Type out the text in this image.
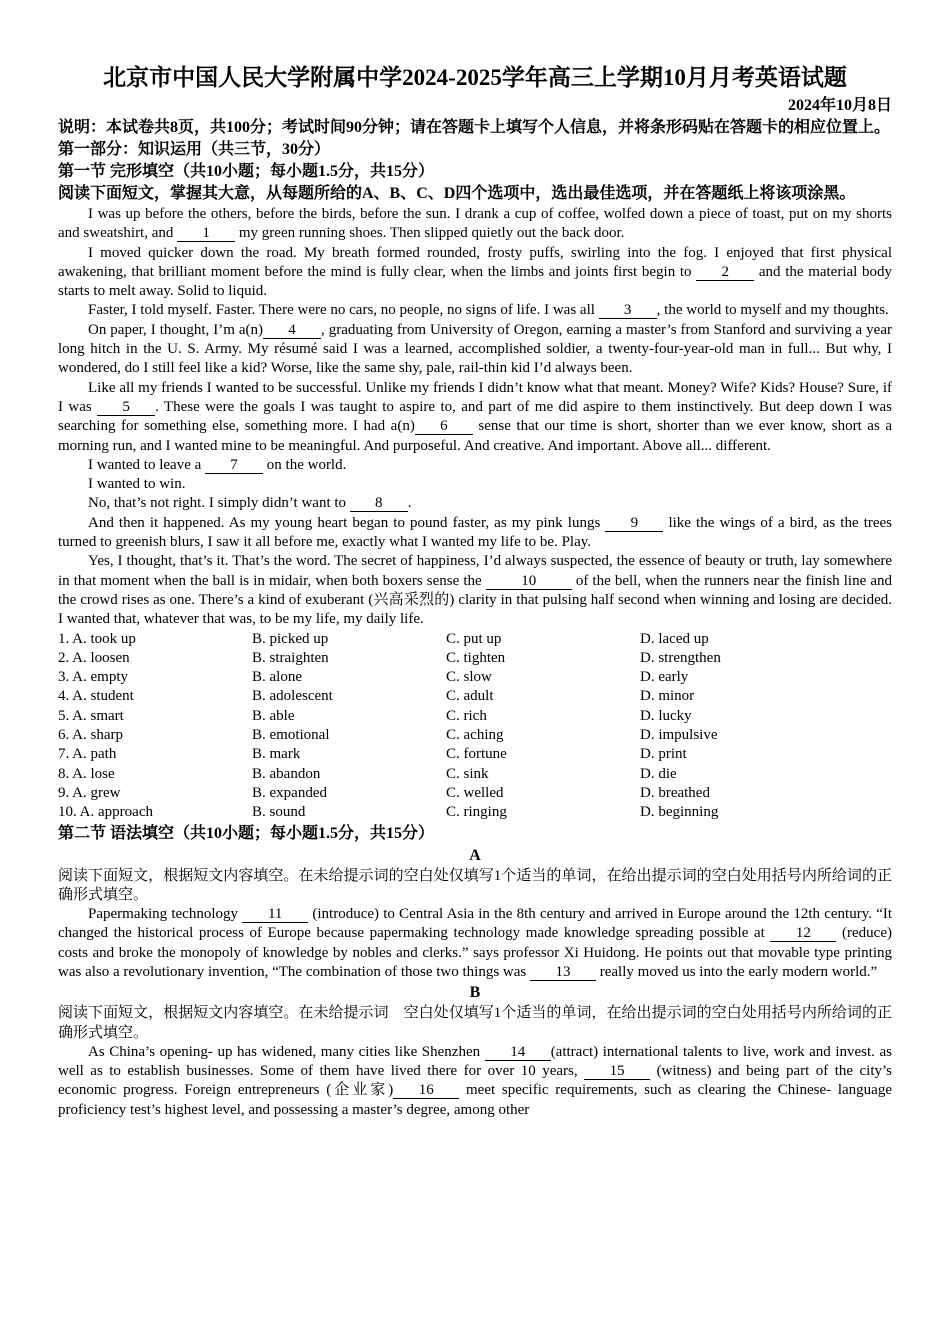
北京市中国人民大学附属中学2024-2025学年高三上学期10月月考英语试题
2024年10月8日
说明：本试卷共8页，共100分；考试时间90分钟；请在答题卡上填写个人信息，并将条形码贴在答题卡的相应位置上。
第一部分：知识运用（共三节，30分）
第一节 完形填空（共10小题；每小题1.5分，共15分）
阅读下面短文，掌握其大意，从每题所给的A、B、C、D四个选项中，选出最佳选项，并在答题纸上将该项涂黑。

I was up before the others, before the birds, before the sun. I drank a cup of coffee, wolfed down a piece of toast, put on my shorts and sweatshirt, and 1 my green running shoes. Then slipped quietly out the back door.

I moved quicker down the road. My breath formed rounded, frosty puffs, swirling into the fog. I enjoyed that first physical awakening, that brilliant moment before the mind is fully clear, when the limbs and joints first begin to 2 and the material body starts to melt away. Solid to liquid.

Faster, I told myself. Faster. There were no cars, no people, no signs of life. I was all 3 , the world to myself and my thoughts.

On paper, I thought, I’m a(n) 4 , graduating from University of Oregon, earning a master’s from Stanford and surviving a year long hitch in the U. S. Army. My résumé said I was a learned, accomplished soldier, a twenty-four-year-old man in full... But why, I wondered, do I still feel like a kid? Worse, like the same shy, pale, rail-thin kid I’d always been.

Like all my friends I wanted to be successful. Unlike my friends I didn’t know what that meant. Money? Wife? Kids? House? Sure, if I was 5 . These were the goals I was taught to aspire to, and part of me did aspire to them instinctively. But deep down I was searching for something else, something more. I had a(n) 6 sense that our time is short, shorter than we ever know, short as a morning run, and I wanted mine to be meaningful. And purposeful. And creative. And important. Above all... different.

I wanted to leave a 7 on the world.

I wanted to win.

No, that’s not right. I simply didn’t want to 8 .

And then it happened. As my young heart began to pound faster, as my pink lungs 9 like the wings of a bird, as the trees turned to greenish blurs, I saw it all before me, exactly what I wanted my life to be. Play.

Yes, I thought, that’s it. That’s the word. The secret of happiness, I’d always suspected, the essence of beauty or truth, lay somewhere in that moment when the ball is in midair, when both boxers sense the 10 of the bell, when the runners near the finish line and the crowd rises as one. There’s a kind of exuberant (兴高采烈的) clarity in that pulsing half second when winning and losing are decided. I wanted that, whatever that was, to be my life, my daily life.

1. A. took up	B. picked up	C. put up	D. laced up
2. A. loosen	B. straighten	C. tighten	D. strengthen
3. A. empty	B. alone	C. slow	D. early
4. A. student	B. adolescent	C. adult	D. minor
5. A. smart	B. able	C. rich	D. lucky
6. A. sharp	B. emotional	C. aching	D. impulsive
7. A. path	B. mark	C. fortune	D. print
8. A. lose	B. abandon	C. sink	D. die
9. A. grew	B. expanded	C. welled	D. breathed
10. A. approach	B. sound	C. ringing	D. beginning
第二节 语法填空（共10小题；每小题1.5分，共15分）
A

阅读下面短文，根据短文内容填空。在未给提示词的空白处仅填写1个适当的单词，在给出提示词的空白处用括号内所给词的正确形式填空。

Papermaking technology 11 (introduce) to Central Asia in the 8th century and arrived in Europe around the 12th century. “It changed the historical process of Europe because papermaking technology made knowledge spreading possible at 12 (reduce) costs and broke the monopoly of knowledge by nobles and clerks.” says professor Xi Huidong. He points out that movable type printing was also a revolutionary invention, “The combination of those two things was 13 really moved us into the early modern world.”

B

阅读下面短文，根据短文内容填空。在未给提示词　空白处仅填写1个适当的单词，在给出提示词的空白处用括号内所给词的正确形式填空。

As China’s opening- up has widened, many cities like Shenzhen 14 (attract) international talents to live, work and invest. as well as to establish businesses. Some of them have lived there for over 10 years, 15 (witness) and being part of the city’s economic progress. Foreign entrepreneurs (企业家) 16 meet specific requirements, such as clearing the Chinese- language proficiency test’s highest level, and possessing a master’s degree, among other
